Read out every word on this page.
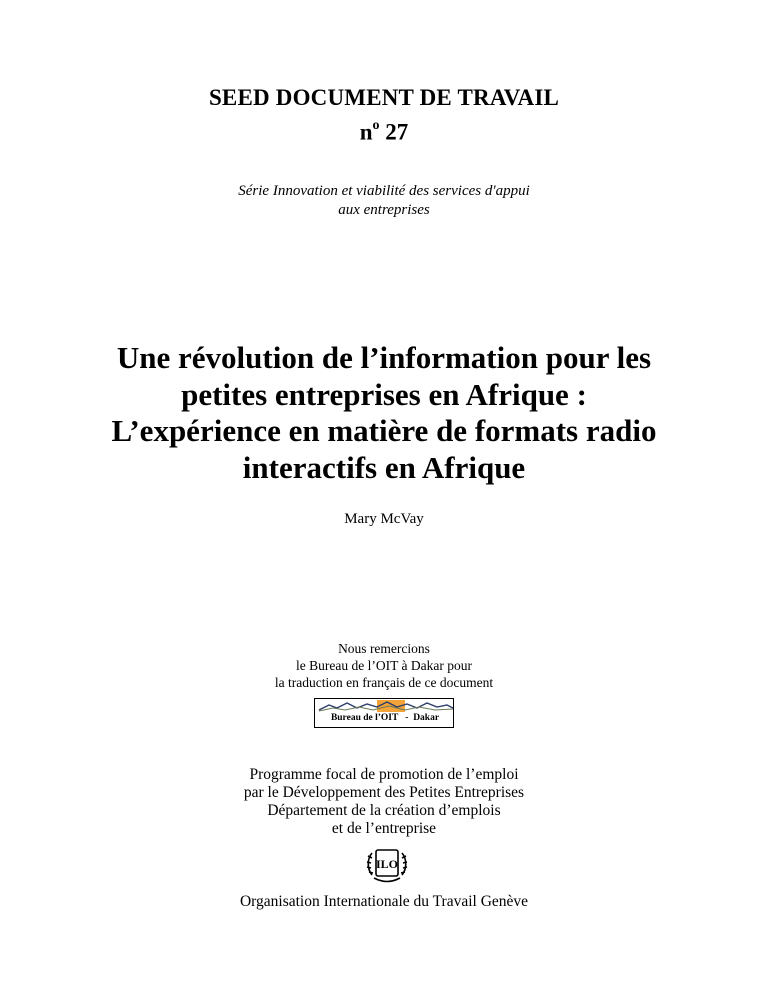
SEED DOCUMENT DE TRAVAIL
$n^o$ 27
Série Innovation et viabilité des services d'appui
aux entreprises
Une révolution de l’information pour les
petites entreprises en Afrique :
L’expérience en matière de formats radio
interactifs en Afrique
Mary McVay
Nous remercions
le Bureau de l’OIT à Dakar pour
la traduction en français de ce document
Bureau de l’OIT   -  Dakar
Programme focal de promotion de l’emploi
par le Développement des Petites Entreprises
Département de la création d’emplois
et de l’entreprise
ILO
Organisation Internationale du Travail Genève
